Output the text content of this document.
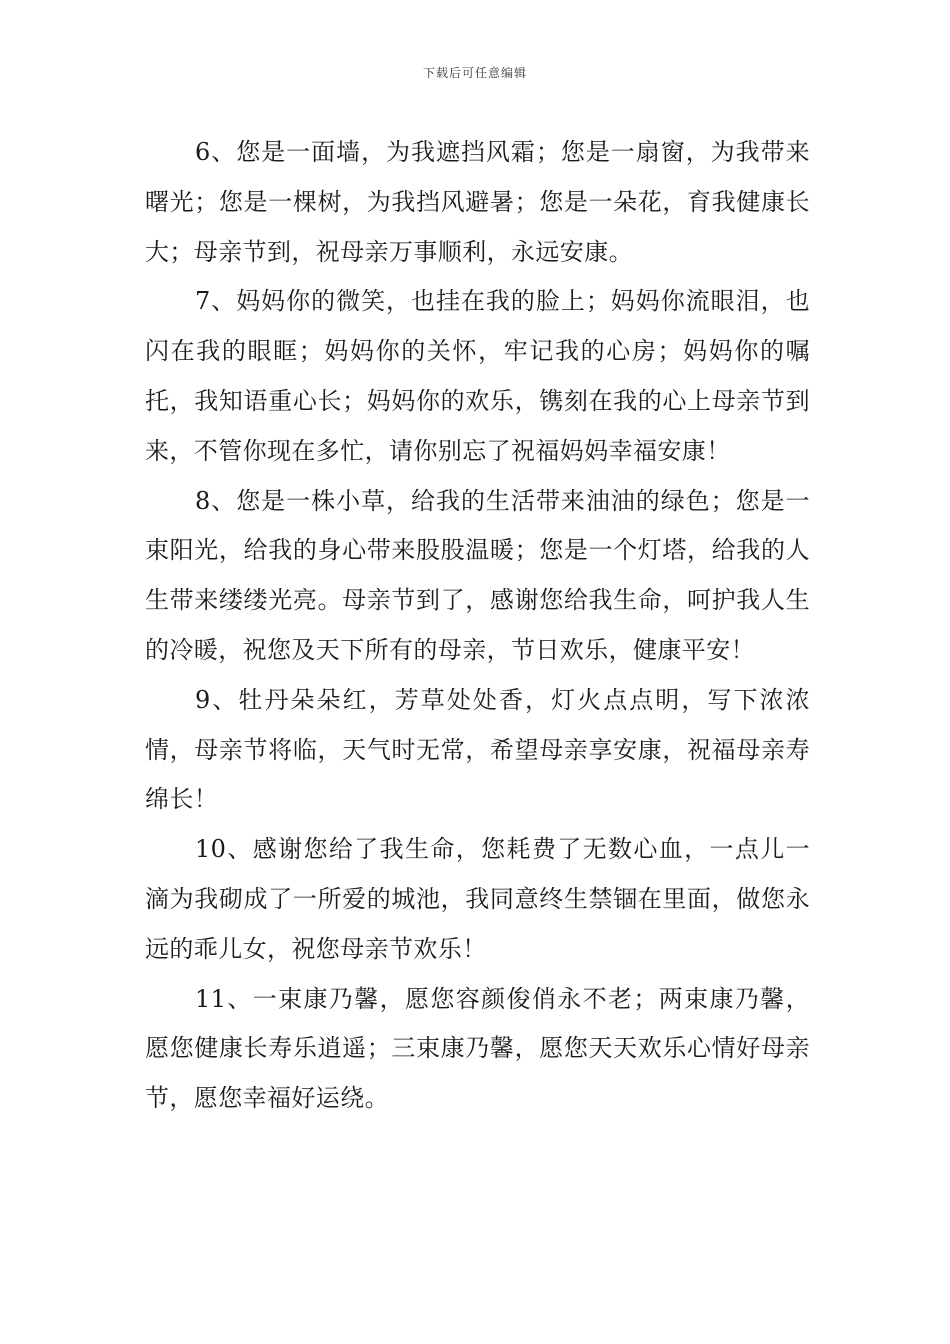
下载后可任意编辑

6、您是一面墙，为我遮挡风霜；您是一扇窗，为我带来曙光；您是一棵树，为我挡风避暑；您是一朵花，育我健康长大；母亲节到，祝母亲万事顺利，永远安康。

7、妈妈你的微笑，也挂在我的脸上；妈妈你流眼泪，也闪在我的眼眶；妈妈你的关怀，牢记我的心房；妈妈你的嘱托，我知语重心长；妈妈你的欢乐，镌刻在我的心上母亲节到来，不管你现在多忙，请你别忘了祝福妈妈幸福安康！

8、您是一株小草，给我的生活带来油油的绿色；您是一束阳光，给我的身心带来股股温暖；您是一个灯塔，给我的人生带来缕缕光亮。母亲节到了，感谢您给我生命，呵护我人生的冷暖，祝您及天下所有的母亲，节日欢乐，健康平安！

9、牡丹朵朵红，芳草处处香，灯火点点明，写下浓浓情，母亲节将临，天气时无常，希望母亲享安康，祝福母亲寿绵长！

10、感谢您给了我生命，您耗费了无数心血，一点儿一滴为我砌成了一所爱的城池，我同意终生禁锢在里面，做您永远的乖儿女，祝您母亲节欢乐！

11、一束康乃馨，愿您容颜俊俏永不老；两束康乃馨，愿您健康长寿乐逍遥；三束康乃馨，愿您天天欢乐心情好母亲节，愿您幸福好运绕。
